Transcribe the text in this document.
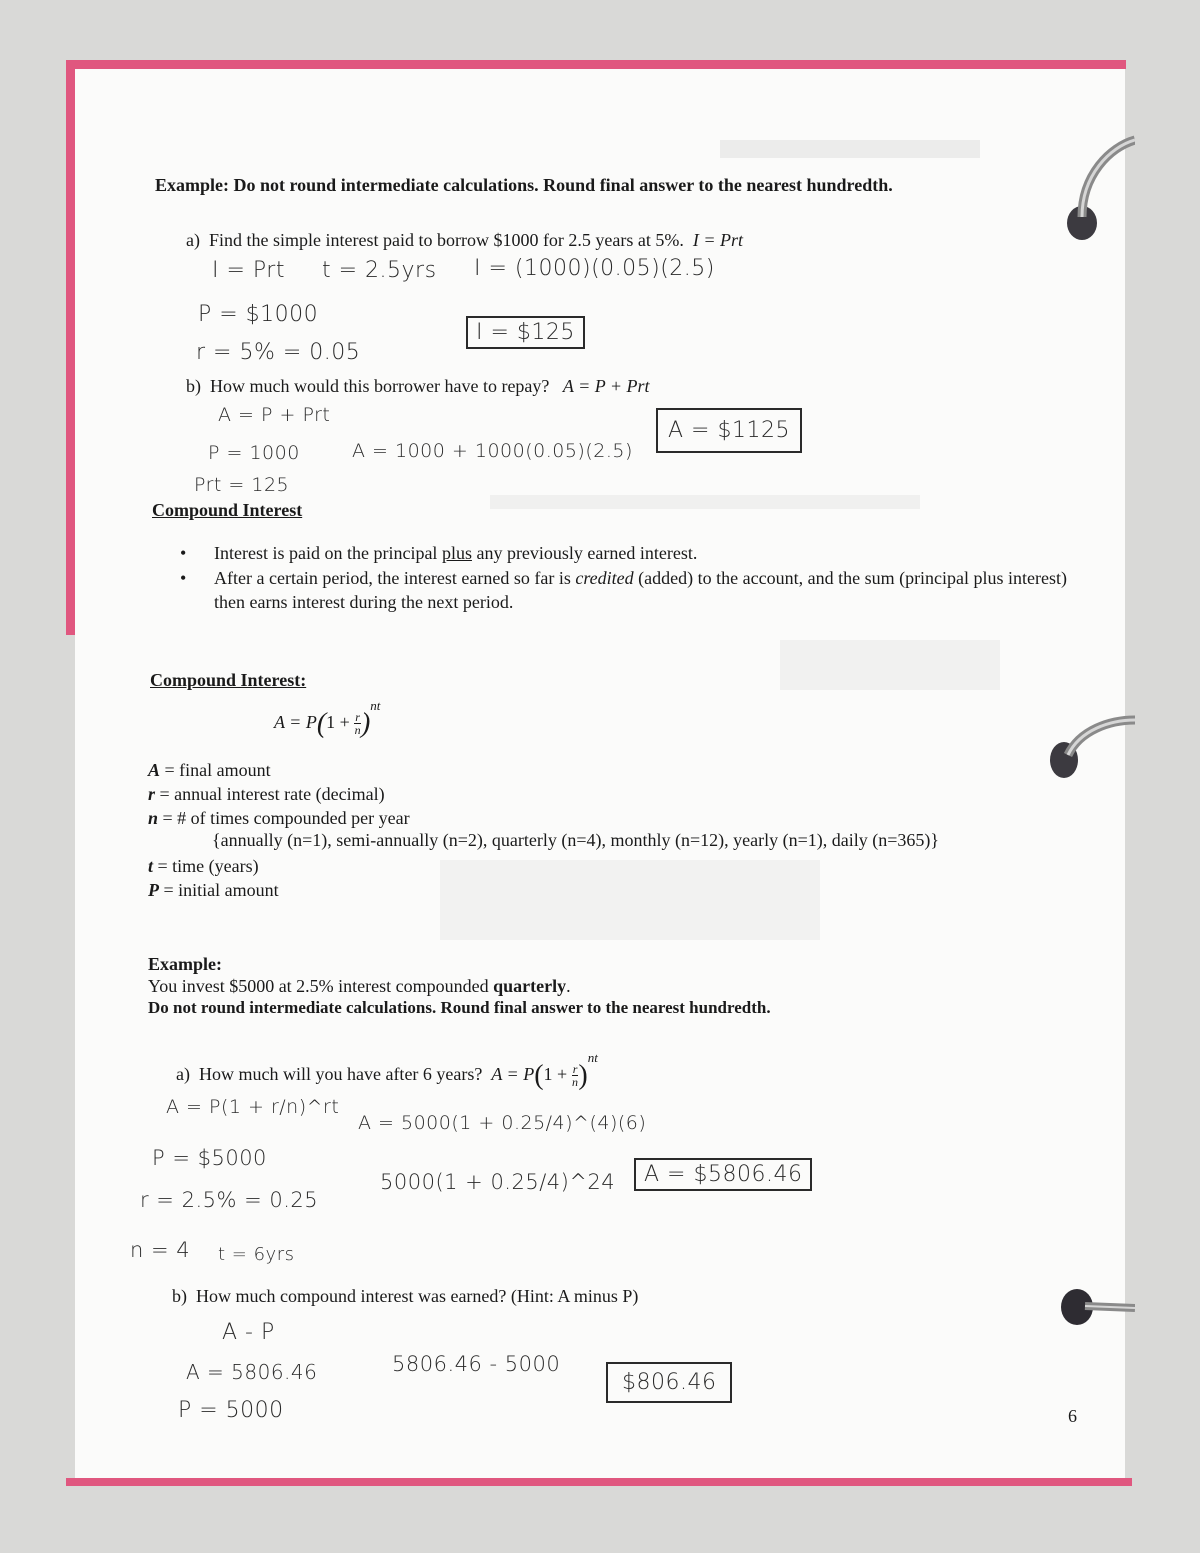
Example: Do not round intermediate calculations. Round final answer to the nearest hundredth.
a) Find the simple interest paid to borrow $1000 for 2.5 years at 5%. I = Prt
I = Prt t = 2.5yrs I = (1000)(0.05)(2.5)
P = $1000
r = 5% = 0.05
I = $125
b) How much would this borrower have to repay? A = P + Prt
A = P + Prt
P = 1000	A = 1000 + 1000(0.05)(2.5)
Prt = 125
A = $1125
Compound Interest
•	Interest is paid on the principal plus any previously earned interest.
•	After a certain period, the interest earned so far is credited (added) to the account, and the sum (principal plus interest) then earns interest during the next period.
Compound Interest:
$A = P(1 + \frac{r}{n} )^{nt}$
A = final amount
r = annual interest rate (decimal)
n = # of times compounded per year
{annually (n=1), semi-annually (n=2), quarterly (n=4), monthly (n=12), yearly (n=1), daily (n=365)}
t = time (years)
P = initial amount
Example:
You invest $5000 at 2.5% interest compounded quarterly.
Do not round intermediate calculations. Round final answer to the nearest hundredth.
a) How much will you have after 6 years? $A = P(1 + \frac{r}{n} )^{nt}$
A = P(1 + r/n)^rt
A = 5000(1 + 0.25/4)^(4)(6)
P = $5000
5000(1 + 0.25/4)^24	A = $5806.46
r = 2.5% = 0.25
n = 4 t = 6yrs
b) How much compound interest was earned? (Hint: A minus P)
A - P
A = 5806.46	5806.46 - 5000
P = 5000
$806.46
6
